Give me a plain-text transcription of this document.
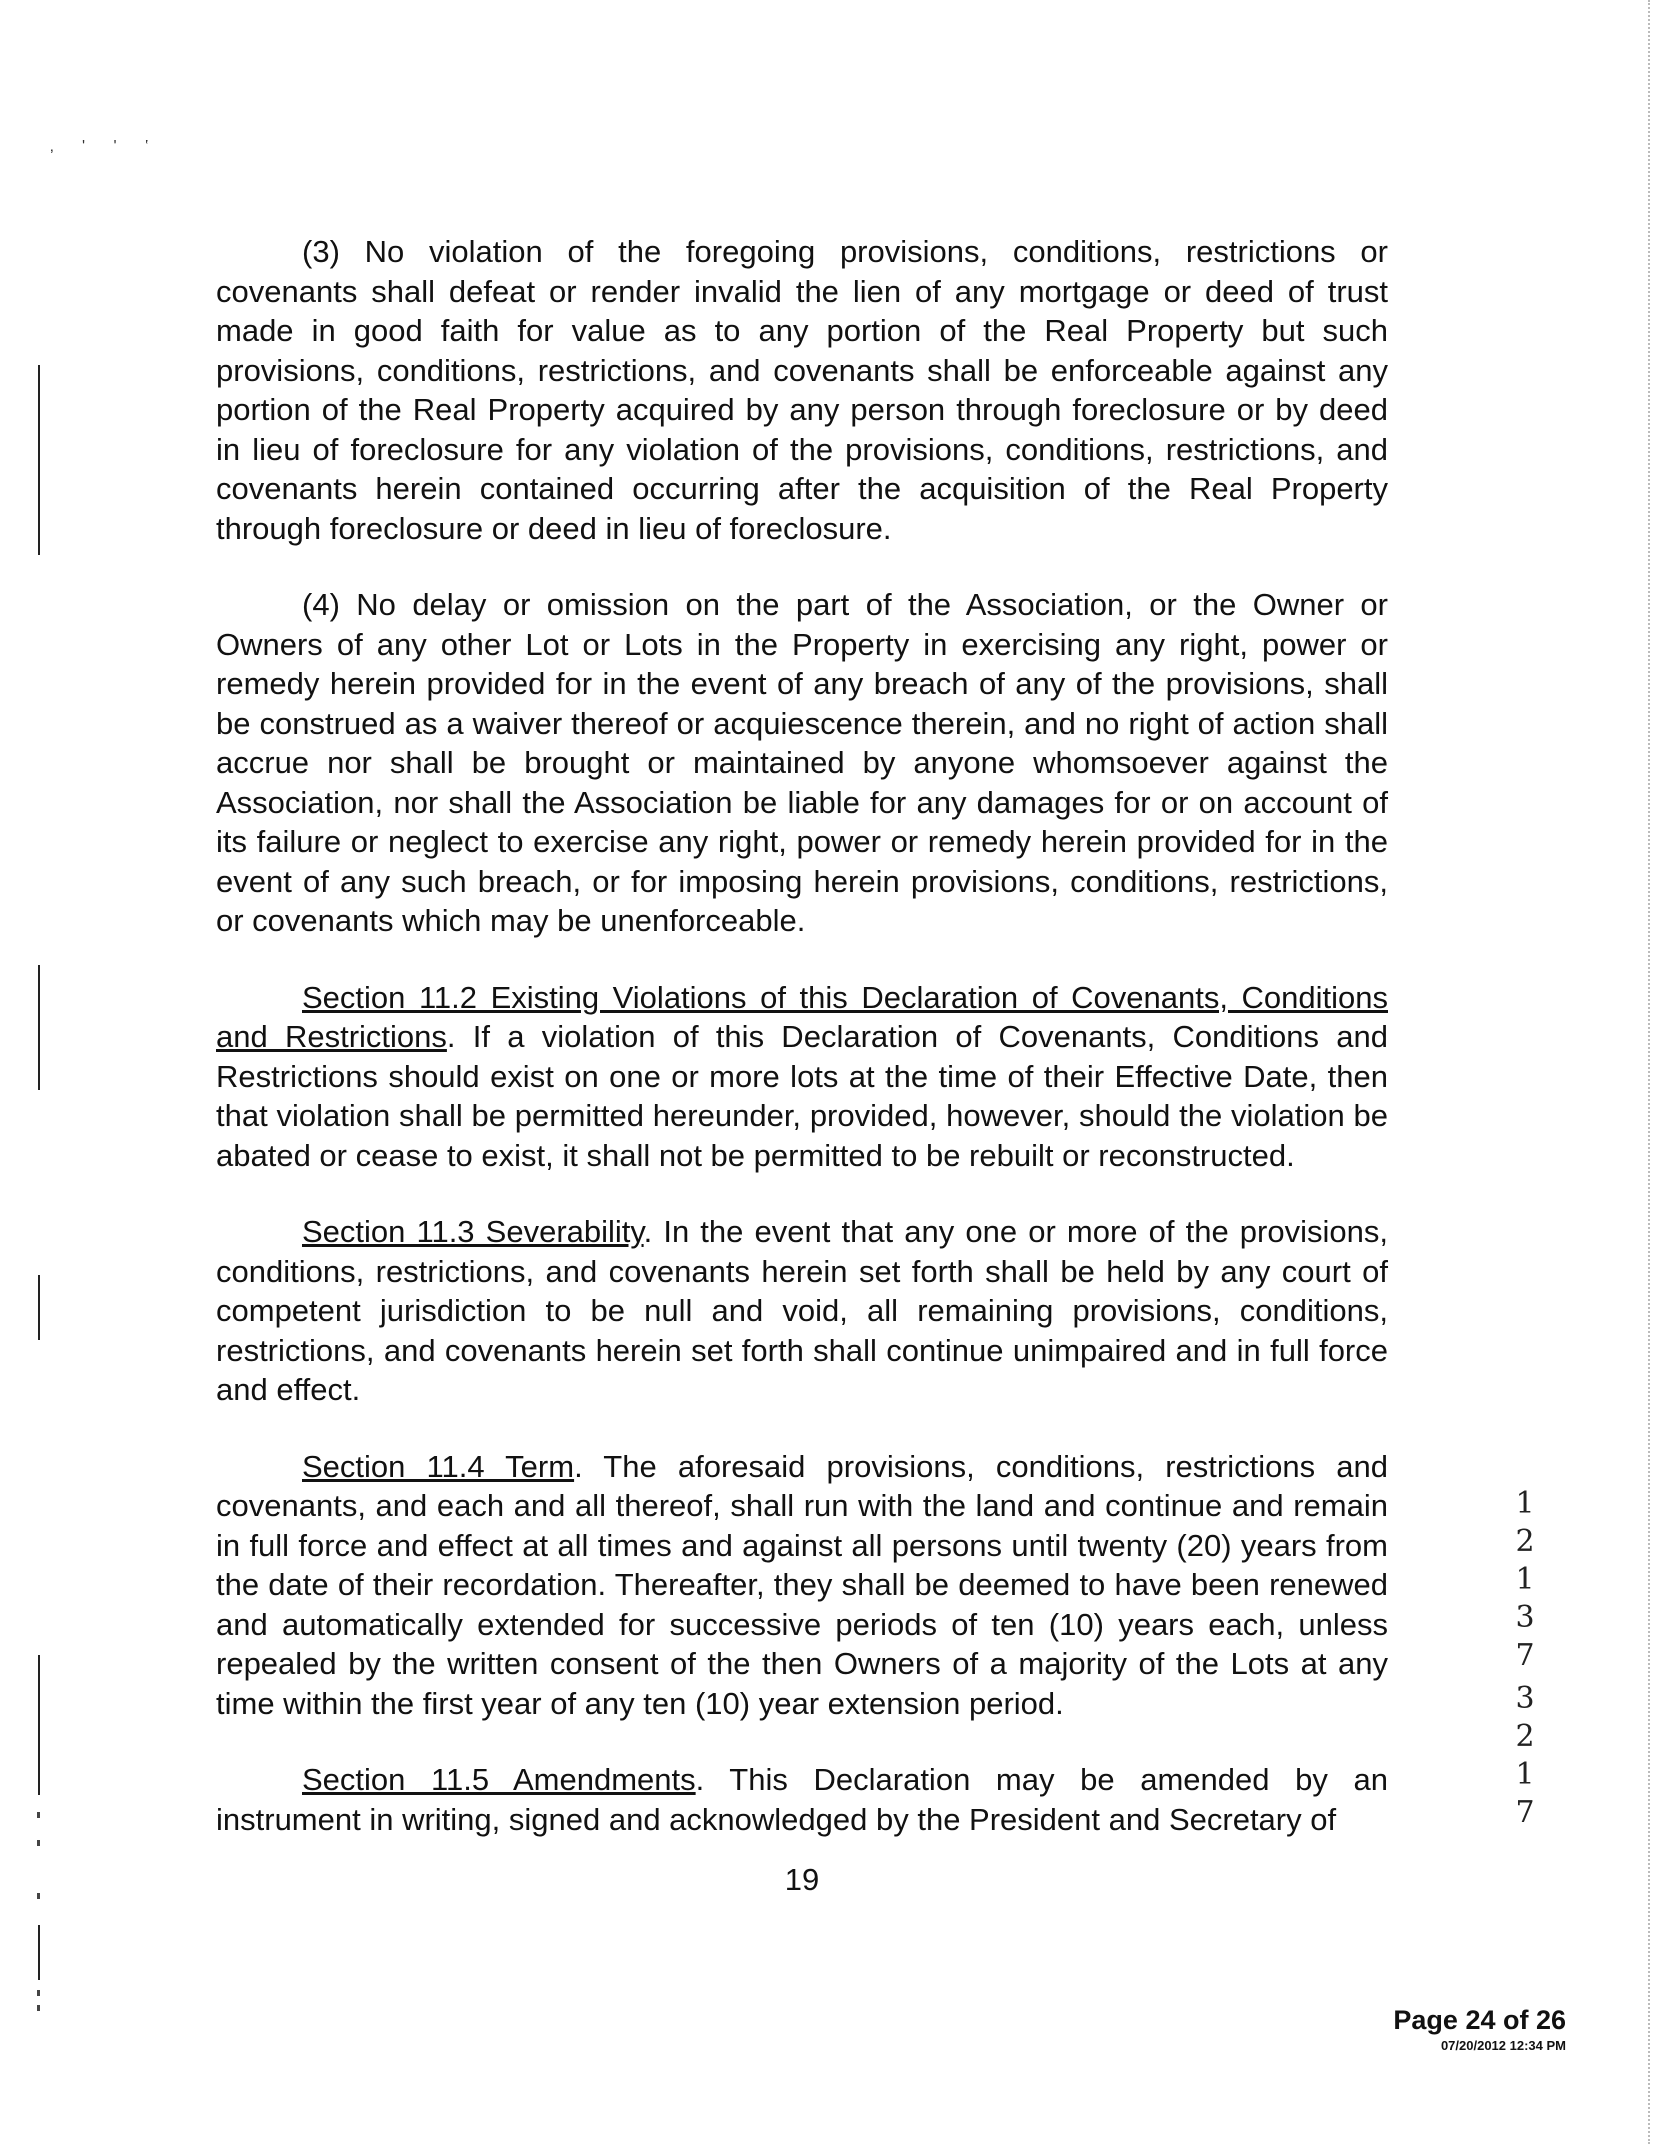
‚ ' ' ‛

(3) No violation of the foregoing provisions, conditions, restrictions or covenants shall defeat or render invalid the lien of any mortgage or deed of trust made in good faith for value as to any portion of the Real Property but such provisions, conditions, restrictions, and covenants shall be enforceable against any portion of the Real Property acquired by any person through foreclosure or by deed in lieu of foreclosure for any violation of the provisions, conditions, restrictions, and covenants herein contained occurring after the acquisition of the Real Property through foreclosure or deed in lieu of foreclosure.

(4) No delay or omission on the part of the Association, or the Owner or Owners of any other Lot or Lots in the Property in exercising any right, power or remedy herein provided for in the event of any breach of any of the provisions, shall be construed as a waiver thereof or acquiescence therein, and no right of action shall accrue nor shall be brought or maintained by anyone whomsoever against the Association, nor shall the Association be liable for any damages for or on account of its failure or neglect to exercise any right, power or remedy herein provided for in the event of any such breach, or for imposing herein provisions, conditions, restrictions, or covenants which may be unenforceable.

Section 11.2 Existing Violations of this Declaration of Covenants, Conditions and Restrictions. If a violation of this Declaration of Covenants, Conditions and Restrictions should exist on one or more lots at the time of their Effective Date, then that violation shall be permitted hereunder, provided, however, should the violation be abated or cease to exist, it shall not be permitted to be rebuilt or reconstructed.

Section 11.3 Severability. In the event that any one or more of the provisions, conditions, restrictions, and covenants herein set forth shall be held by any court of competent jurisdiction to be null and void, all remaining provisions, conditions, restrictions, and covenants herein set forth shall continue unimpaired and in full force and effect.

Section 11.4 Term. The aforesaid provisions, conditions, restrictions and covenants, and each and all thereof, shall run with the land and continue and remain in full force and effect at all times and against all persons until twenty (20) years from the date of their recordation. Thereafter, they shall be deemed to have been renewed and automatically extended for successive periods of ten (10) years each, unless repealed by the written consent of the then Owners of a majority of the Lots at any time within the first year of any ten (10) year extension period.

Section 11.5 Amendments. This Declaration may be amended by an instrument in writing, signed and acknowledged by the President and Secretary of

1
2
1
3
7
3
2
1
7
19
Page 24 of 26
07/20/2012 12:34 PM
